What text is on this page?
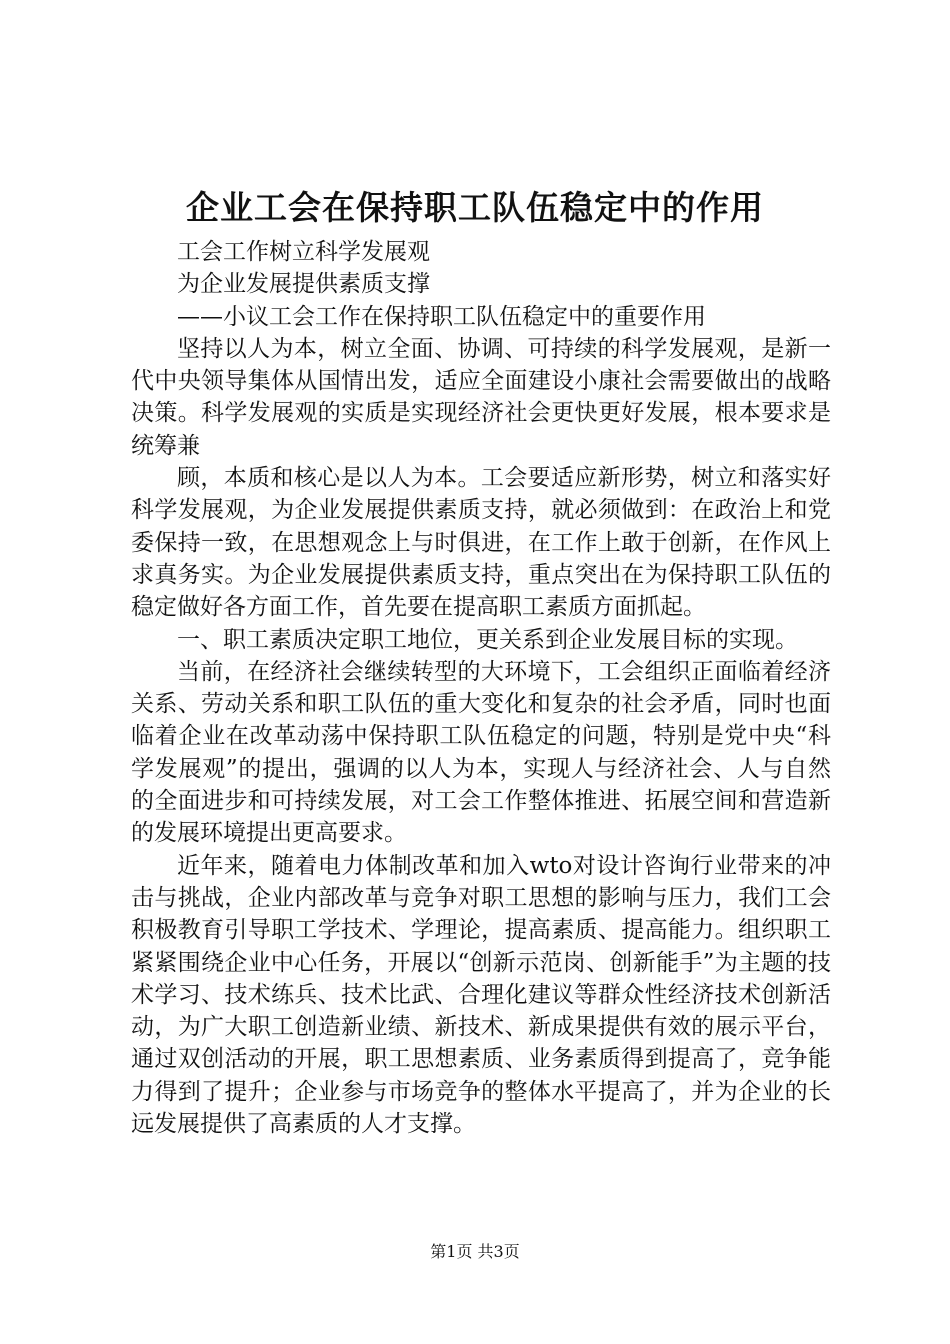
企业工会在保持职工队伍稳定中的作用

工会工作树立科学发展观

为企业发展提供素质支撑

——小议工会工作在保持职工队伍稳定中的重要作用

坚持以人为本，树立全面、协调、可持续的科学发展观，是新一代中央领导集体从国情出发，适应全面建设小康社会需要做出的战略决策。科学发展观的实质是实现经济社会更快更好发展，根本要求是统筹兼

顾，本质和核心是以人为本。工会要适应新形势，树立和落实好科学发展观，为企业发展提供素质支持，就必须做到：在政治上和党委保持一致，在思想观念上与时俱进，在工作上敢于创新，在作风上求真务实。为企业发展提供素质支持，重点突出在为保持职工队伍的稳定做好各方面工作，首先要在提高职工素质方面抓起。

一、职工素质决定职工地位，更关系到企业发展目标的实现。

当前，在经济社会继续转型的大环境下，工会组织正面临着经济关系、劳动关系和职工队伍的重大变化和复杂的社会矛盾，同时也面临着企业在改革动荡中保持职工队伍稳定的问题，特别是党中央“科学发展观”的提出，强调的以人为本，实现人与经济社会、人与自然的全面进步和可持续发展，对工会工作整体推进、拓展空间和营造新的发展环境提出更高要求。

近年来，随着电力体制改革和加入wto对设计咨询行业带来的冲击与挑战，企业内部改革与竞争对职工思想的影响与压力，我们工会积极教育引导职工学技术、学理论，提高素质、提高能力。组织职工紧紧围绕企业中心任务，开展以“创新示范岗、创新能手”为主题的技术学习、技术练兵、技术比武、合理化建议等群众性经济技术创新活动，为广大职工创造新业绩、新技术、新成果提供有效的展示平台，通过双创活动的开展，职工思想素质、业务素质得到提高了，竞争能力得到了提升；企业参与市场竞争的整体水平提高了，并为企业的长远发展提供了高素质的人才支撑。

第1页 共3页
